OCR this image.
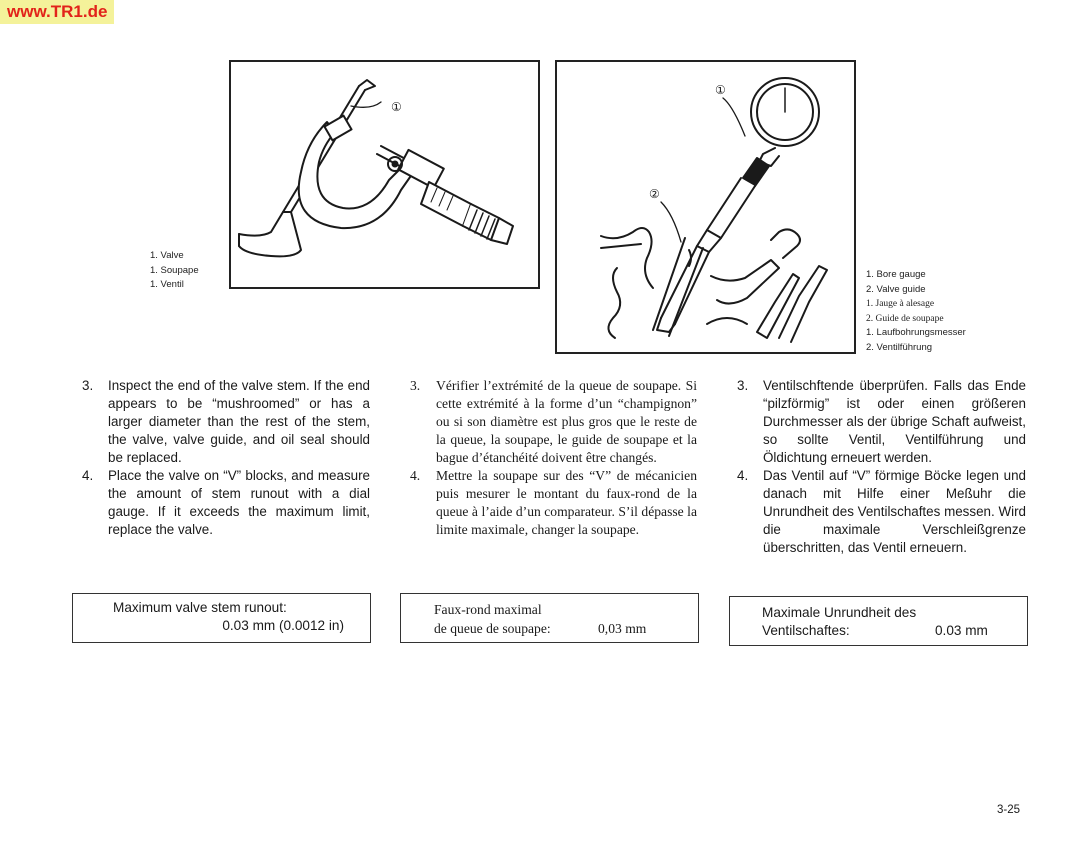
www.TR1.de
①
1. Valve
1. Soupape
1. Ventil
①
②
1. Bore gauge
2. Valve guide
1. Jauge à alesage
2. Guide de soupape
1. Laufbohrungsmesser
2. Ventilführung
3. Inspect the end of the valve stem. If the end appears to be “mushroomed” or has a larger diameter than the rest of the stem, the valve, valve guide, and oil seal should be replaced.
4. Place the valve on “V” blocks, and measure the amount of stem runout with a dial gauge. If it exceeds the maximum limit, replace the valve.
3. Vérifier l’extrémité de la queue de soupape. Si cette extrémité à la forme d’un “champignon” ou si son diamètre est plus gros que le reste de la queue, la soupape, le guide de soupape et la bague d’étanchéité doivent être changés.
4. Mettre la soupape sur des “V” de mécanicien puis mesurer le montant du faux-rond de la queue à l’aide d’un comparateur. S’il dépasse la limite maximale, changer la soupape.
3. Ventilschftende überprüfen. Falls das Ende “pilzförmig” ist oder einen größeren Durchmesser als der übrige Schaft aufweist, so sollte Ventil, Ventilführung und Öldichtung erneuert werden.
4. Das Ventil auf “V” förmige Böcke legen und danach mit Hilfe einer Meßuhr die Unrundheit des Ventilschaftes messen. Wird die maximale Verschleißgrenze überschritten, das Ventil erneuern.
Maximum valve stem runout:
0.03 mm (0.0012 in)
Faux-rond maximal
de queue de soupape:	0,03 mm
Maximale Unrundheit des
Ventilschaftes:	0.03 mm
3-25
